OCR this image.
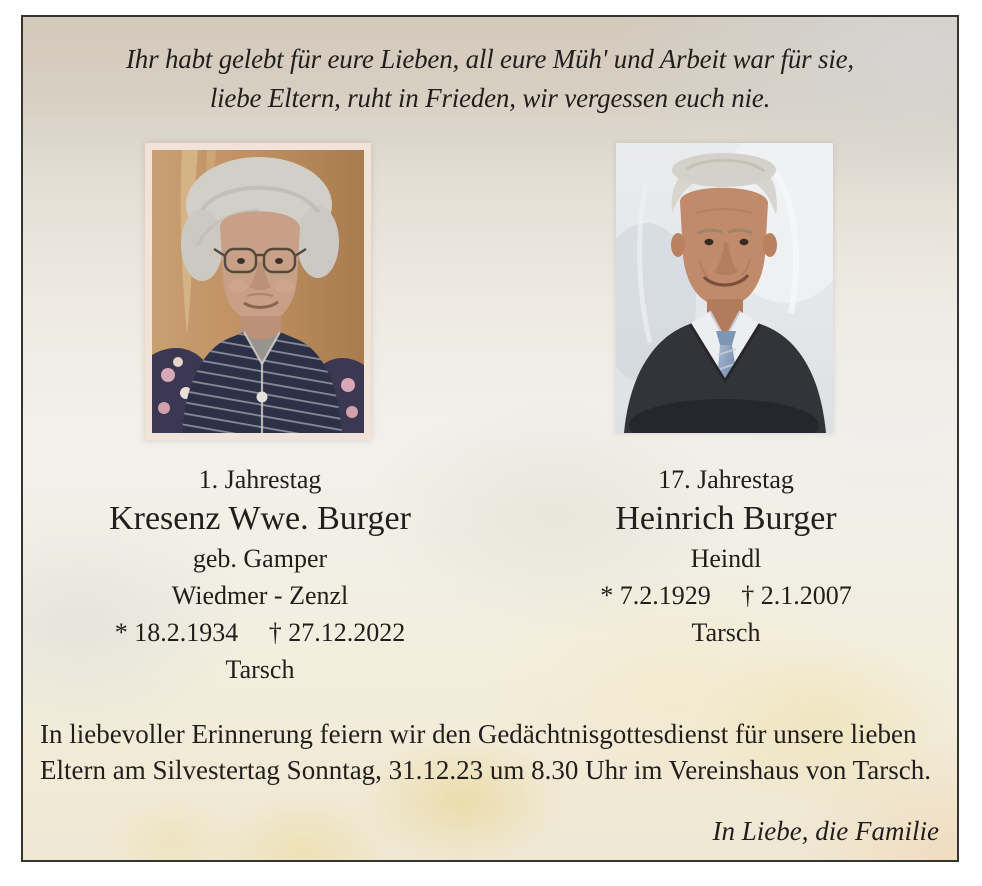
Ihr habt gelebt für eure Lieben, all eure Müh' und Arbeit war für sie,
liebe Eltern, ruht in Frieden, wir vergessen euch nie.
1. Jahrestag
Kresenz Wwe. Burger
geb. Gamper
Wiedmer - Zenzl
* 18.2.1934 † 27.12.2022
Tarsch
17. Jahrestag
Heinrich Burger
Heindl
* 7.2.1929 † 2.1.2007
Tarsch
In liebevoller Erinnerung feiern wir den Gedächtnisgottesdienst für unsere lieben Eltern am Silvestertag Sonntag, 31.12.23 um 8.30 Uhr im Vereinshaus von Tarsch.
In Liebe, die Familie
